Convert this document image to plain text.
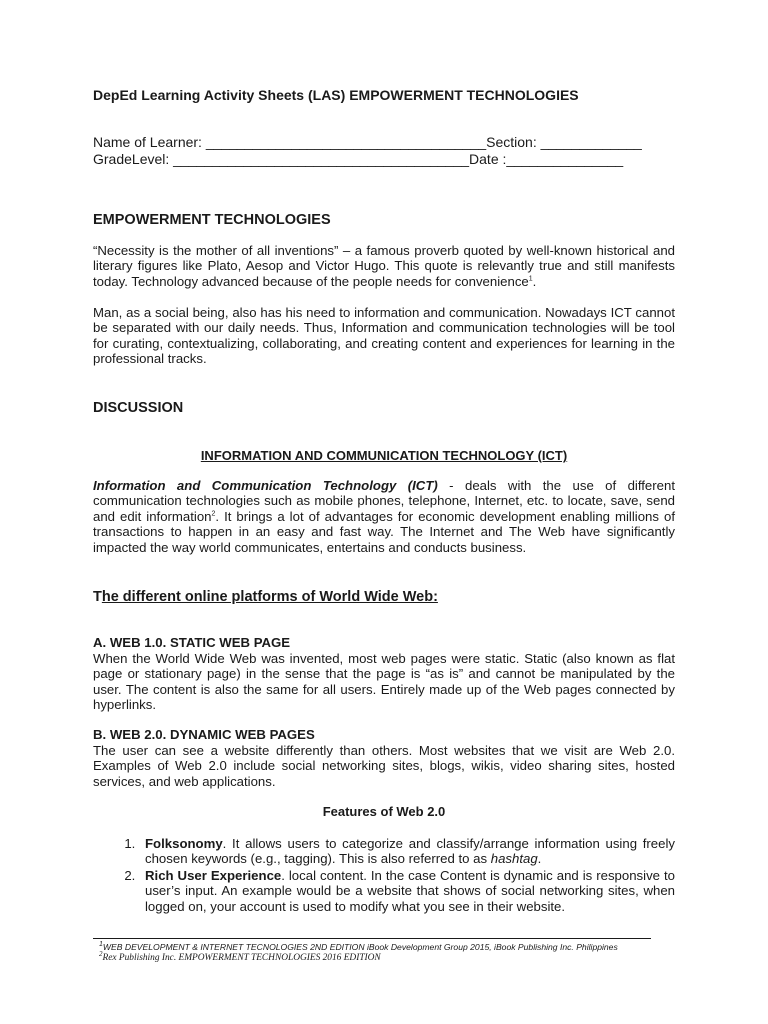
DepEd Learning Activity Sheets (LAS) EMPOWERMENT TECHNOLOGIES
Name of Learner: ____________________________________Section: _____________
GradeLevel: ______________________________________Date :_______________
EMPOWERMENT TECHNOLOGIES

“Necessity is the mother of all inventions” – a famous proverb quoted by well-known historical and literary figures like Plato, Aesop and Victor Hugo. This quote is relevantly true and still manifests today. Technology advanced because of the people needs for convenience$^1$.

Man, as a social being, also has his need to information and communication. Nowadays ICT cannot be separated with our daily needs. Thus, Information and communication technologies will be tool for curating, contextualizing, collaborating, and creating content and experiences for learning in the professional tracks.

DISCUSSION
INFORMATION AND COMMUNICATION TECHNOLOGY (ICT)

Information and Communication Technology (ICT) - deals with the use of different communication technologies such as mobile phones, telephone, Internet, etc. to locate, save, send and edit information$^2$. It brings a lot of advantages for economic development enabling millions of transactions to happen in an easy and fast way. The Internet and The Web have significantly impacted the way world communicates, entertains and conducts business.

The different online platforms of World Wide Web:
A. WEB 1.0. STATIC WEB PAGE

When the World Wide Web was invented, most web pages were static. Static (also known as flat page or stationary page) in the sense that the page is “as is” and cannot be manipulated by the user. The content is also the same for all users. Entirely made up of the Web pages connected by hyperlinks.

B. WEB 2.0. DYNAMIC WEB PAGES

The user can see a website differently than others. Most websites that we visit are Web 2.0. Examples of Web 2.0 include social networking sites, blogs, wikis, video sharing sites, hosted services, and web applications.

Features of Web 2.0
1. Folksonomy. It allows users to categorize and classify/arrange information using freely chosen keywords (e.g., tagging). This is also referred to as hashtag.
2. Rich User Experience. local content. In the case Content is dynamic and is responsive to user’s input. An example would be a website that shows of social networking sites, when logged on, your account is used to modify what you see in their website.
$^1$WEB DEVELOPMENT & INTERNET TECNOLOGIES 2ND EDITION iBook Development Group 2015, iBook Publishing Inc. Philippines
$^2$Rex Publishing Inc. EMPOWERMENT TECHNOLOGIES 2016 EDITION
